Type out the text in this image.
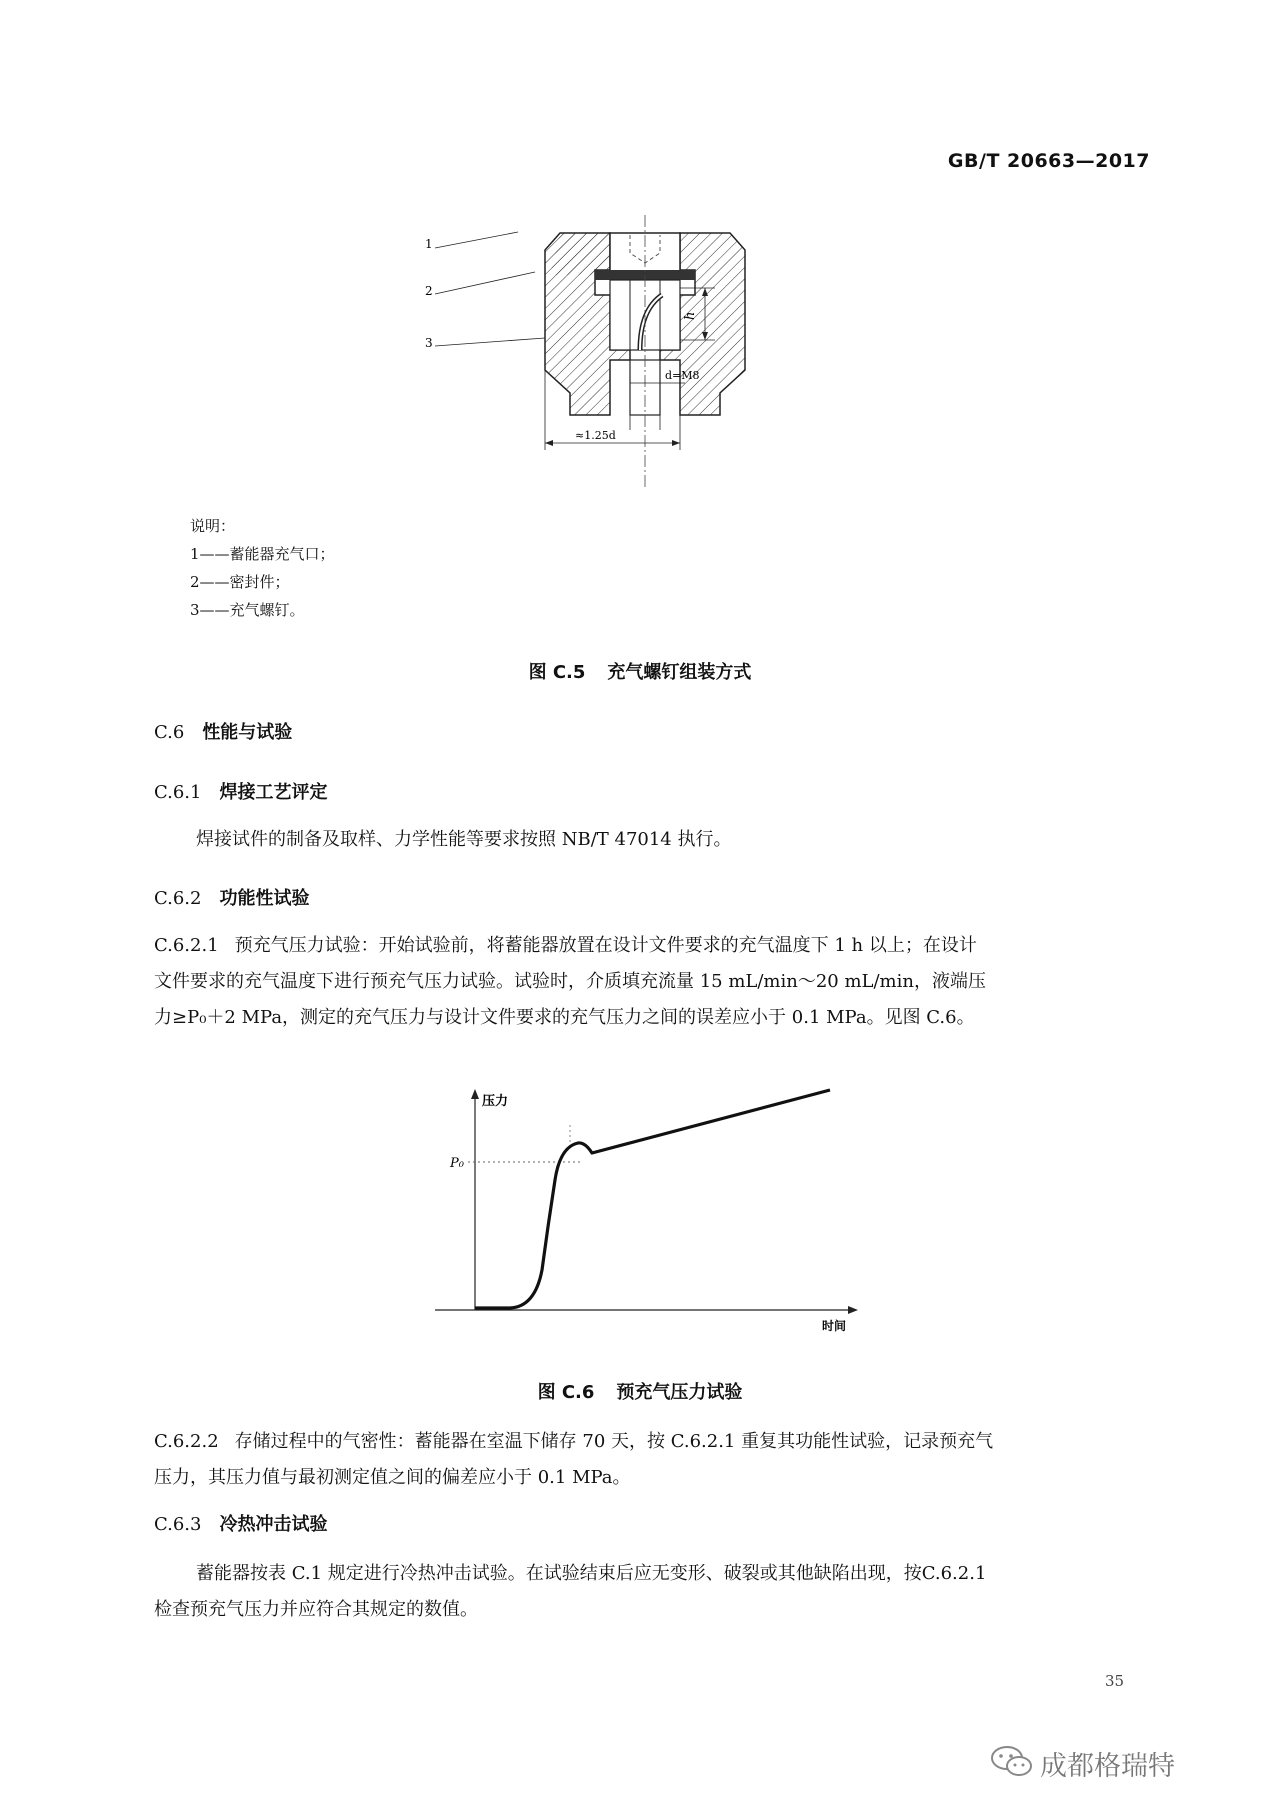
GB/T 20663—2017
h
d=M8
≈1.25d
1
2
3
说明：
1——蓄能器充气口；
2——密封件；
3——充气螺钉。
图 C.5 充气螺钉组装方式
C.6 性能与试验
C.6.1 焊接工艺评定
焊接试件的制备及取样、力学性能等要求按照 NB/T 47014 执行。
C.6.2 功能性试验
C.6.2.1 预充气压力试验：开始试验前，将蓄能器放置在设计文件要求的充气温度下 1 h 以上；在设计
文件要求的充气温度下进行预充气压力试验。试验时，介质填充流量 15 mL/min～20 mL/min，液端压
力≥P₀＋2 MPa，测定的充气压力与设计文件要求的充气压力之间的误差应小于 0.1 MPa。见图 C.6。
压力
时间
P₀
图 C.6 预充气压力试验
C.6.2.2 存储过程中的气密性：蓄能器在室温下储存 70 天，按 C.6.2.1 重复其功能性试验，记录预充气
压力，其压力值与最初测定值之间的偏差应小于 0.1 MPa。
C.6.3 冷热冲击试验
蓄能器按表 C.1 规定进行冷热冲击试验。在试验结束后应无变形、破裂或其他缺陷出现，按C.6.2.1
检查预充气压力并应符合其规定的数值。
35
成都格瑞特
